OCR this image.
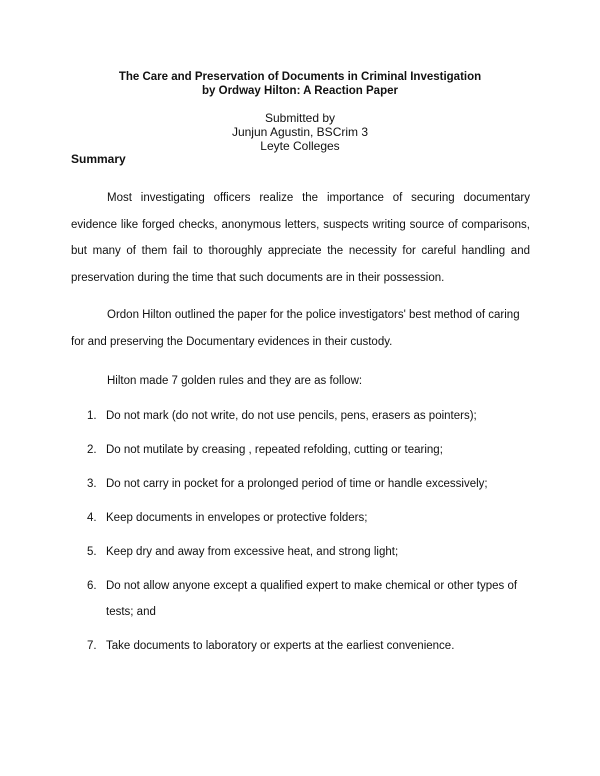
The Care and Preservation of Documents in Criminal Investigation
by Ordway Hilton: A Reaction Paper
Submitted by
Junjun Agustin, BSCrim 3
Leyte Colleges
Summary

Most investigating officers realize the importance of securing documentary evidence like forged checks, anonymous letters, suspects writing source of comparisons, but many of them fail to thoroughly appreciate the necessity for careful handling and preservation during the time that such documents are in their possession.

Ordon Hilton outlined the paper for the police investigators' best method of caring for and preserving the Documentary evidences in their custody.

Hilton made 7 golden rules and they are as follow:

1. Do not mark (do not write, do not use pencils, pens, erasers as pointers);
2. Do not mutilate by creasing , repeated refolding, cutting or tearing;
3. Do not carry in pocket for a prolonged period of time or handle excessively;
4. Keep documents in envelopes or protective folders;
5. Keep dry and away from excessive heat, and strong light;
6. Do not allow anyone except a qualified expert to make chemical or other types of tests; and
7. Take documents to laboratory or experts at the earliest convenience.
